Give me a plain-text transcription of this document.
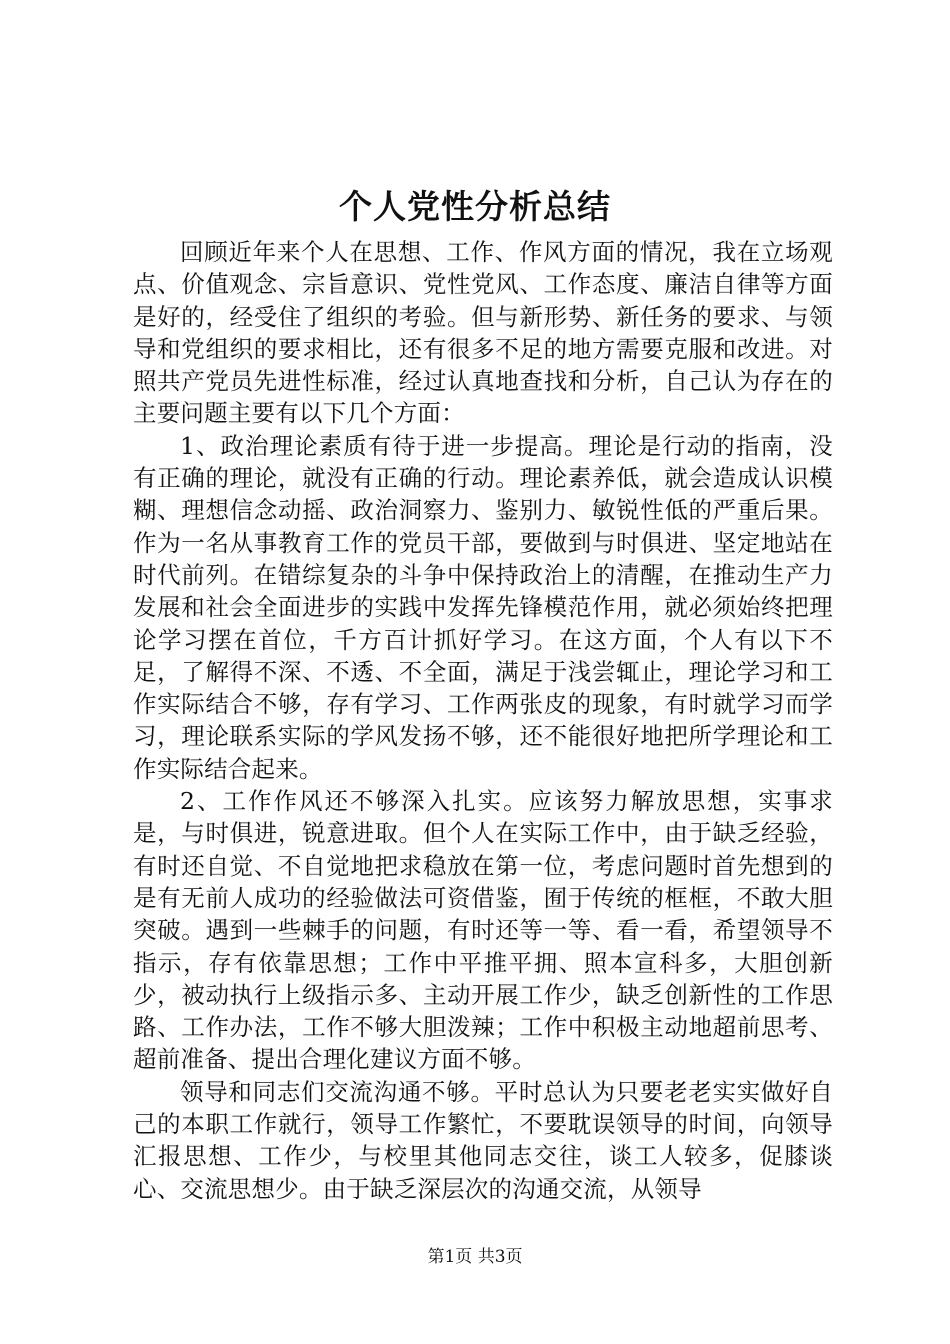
个人党性分析总结

回顾近年来个人在思想、工作、作风方面的情况，我在立场观点、价值观念、宗旨意识、党性党风、工作态度、廉洁自律等方面是好的，经受住了组织的考验。但与新形势、新任务的要求、与领导和党组织的要求相比，还有很多不足的地方需要克服和改进。对照共产党员先进性标准，经过认真地查找和分析，自己认为存在的主要问题主要有以下几个方面：

1、政治理论素质有待于进一步提高。理论是行动的指南，没有正确的理论，就没有正确的行动。理论素养低，就会造成认识模糊、理想信念动摇、政治洞察力、鉴别力、敏锐性低的严重后果。作为一名从事教育工作的党员干部，要做到与时俱进、坚定地站在时代前列。在错综复杂的斗争中保持政治上的清醒，在推动生产力发展和社会全面进步的实践中发挥先锋模范作用，就必须始终把理论学习摆在首位，千方百计抓好学习。在这方面，个人有以下不足，了解得不深、不透、不全面，满足于浅尝辄止，理论学习和工作实际结合不够，存有学习、工作两张皮的现象，有时就学习而学习，理论联系实际的学风发扬不够，还不能很好地把所学理论和工作实际结合起来。

2、工作作风还不够深入扎实。应该努力解放思想，实事求是，与时俱进，锐意进取。但个人在实际工作中，由于缺乏经验，有时还自觉、不自觉地把求稳放在第一位，考虑问题时首先想到的是有无前人成功的经验做法可资借鉴，囿于传统的框框，不敢大胆突破。遇到一些棘手的问题，有时还等一等、看一看，希望领导不指示，存有依靠思想；工作中平推平拥、照本宣科多，大胆创新少，被动执行上级指示多、主动开展工作少，缺乏创新性的工作思路、工作办法，工作不够大胆泼辣；工作中积极主动地超前思考、超前准备、提出合理化建议方面不够。

领导和同志们交流沟通不够。平时总认为只要老老实实做好自己的本职工作就行，领导工作繁忙，不要耽误领导的时间，向领导汇报思想、工作少，与校里其他同志交往，谈工人较多，促膝谈心、交流思想少。由于缺乏深层次的沟通交流，从领导

第1页 共3页
